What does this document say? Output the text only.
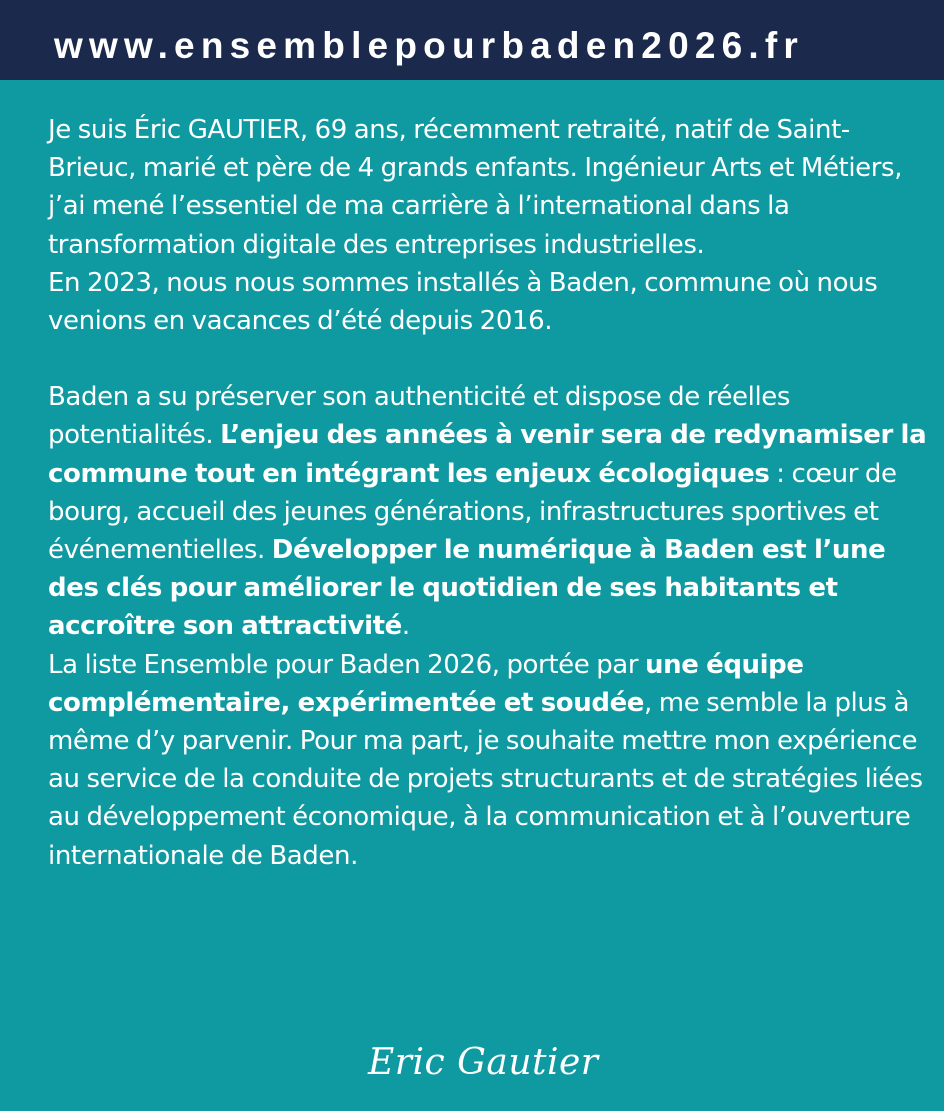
www.ensemblepourbaden2026.fr

Je suis Éric GAUTIER, 69 ans, récemment retraité, natif de Saint-Brieuc, marié et père de 4 grands enfants. Ingénieur Arts et Métiers, j’ai mené l’essentiel de ma carrière à l’international dans la transformation digitale des entreprises industrielles.

En 2023, nous nous sommes installés à Baden, commune où nous venions en vacances d’été depuis 2016.

Baden a su préserver son authenticité et dispose de réelles potentialités. L’enjeu des années à venir sera de redynamiser la commune tout en intégrant les enjeux écologiques : cœur de bourg, accueil des jeunes générations, infrastructures sportives et événementielles. Développer le numérique à Baden est l’une des clés pour améliorer le quotidien de ses habitants et accroître son attractivité.

La liste Ensemble pour Baden 2026, portée par une équipe complémentaire, expérimentée et soudée, me semble la plus à même d’y parvenir. Pour ma part, je souhaite mettre mon expérience au service de la conduite de projets structurants et de stratégies liées au développement économique, à la communication et à l’ouverture internationale de Baden.

Eric Gautier
